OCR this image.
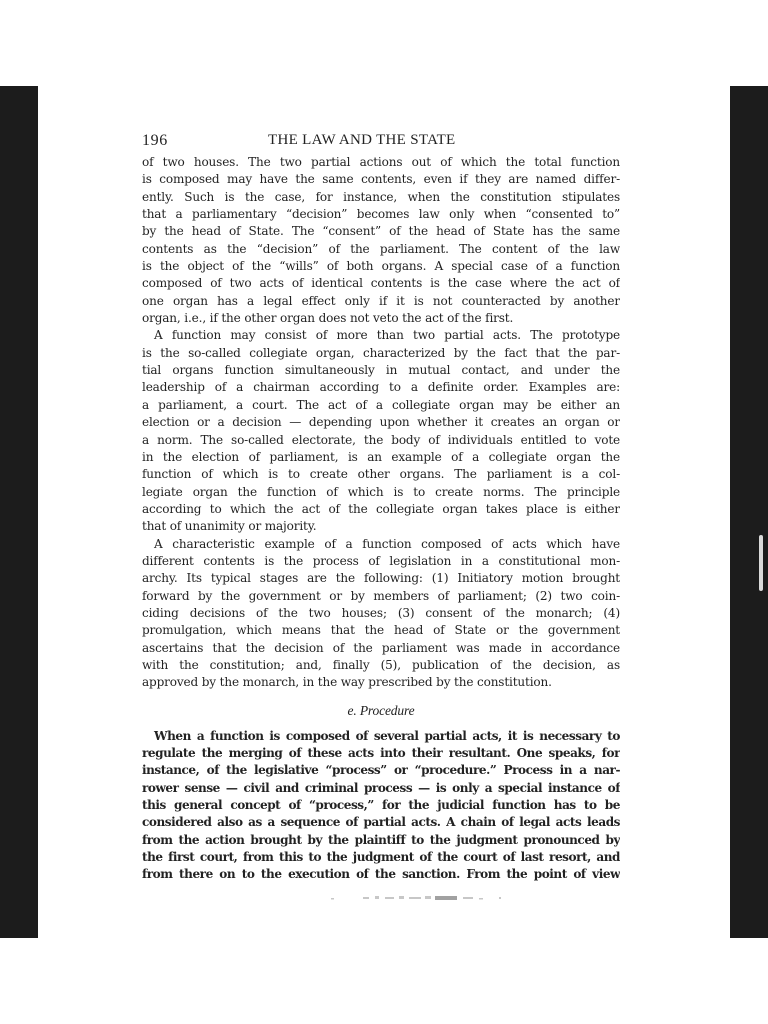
196	THE LAW AND THE STATE
of two houses. The two partial actions out of which the total function
is composed may have the same contents, even if they are named differ-
ently. Such is the case, for instance, when the constitution stipulates
that a parliamentary “decision” becomes law only when “consented to”
by the head of State. The “consent” of the head of State has the same
contents as the “decision” of the parliament. The content of the law
is the object of the “wills” of both organs. A special case of a function
composed of two acts of identical contents is the case where the act of
one organ has a legal effect only if it is not counteracted by another
organ, i.e., if the other organ does not veto the act of the first.
A function may consist of more than two partial acts. The prototype
is the so-called collegiate organ, characterized by the fact that the par-
tial organs function simultaneously in mutual contact, and under the
leadership of a chairman according to a definite order. Examples are:
a parliament, a court. The act of a collegiate organ may be either an
election or a decision — depending upon whether it creates an organ or
a norm. The so-called electorate, the body of individuals entitled to vote
in the election of parliament, is an example of a collegiate organ the
function of which is to create other organs. The parliament is a col-
legiate organ the function of which is to create norms. The principle
according to which the act of the collegiate organ takes place is either
that of unanimity or majority.
A characteristic example of a function composed of acts which have
different contents is the process of legislation in a constitutional mon-
archy. Its typical stages are the following: (1) Initiatory motion brought
forward by the government or by members of parliament; (2) two coin-
ciding decisions of the two houses; (3) consent of the monarch; (4)
promulgation, which means that the head of State or the government
ascertains that the decision of the parliament was made in accordance
with the constitution; and, finally (5), publication of the decision, as
approved by the monarch, in the way prescribed by the constitution.
e. Procedure
When a function is composed of several partial acts, it is necessary to
regulate the merging of these acts into their resultant. One speaks, for
instance, of the legislative “process” or “procedure.” Process in a nar-
rower sense — civil and criminal process — is only a special instance of
this general concept of “process,” for the judicial function has to be
considered also as a sequence of partial acts. A chain of legal acts leads
from the action brought by the plaintiff to the judgment pronounced by
the first court, from this to the judgment of the court of last resort, and
from there on to the execution of the sanction. From the point of view
